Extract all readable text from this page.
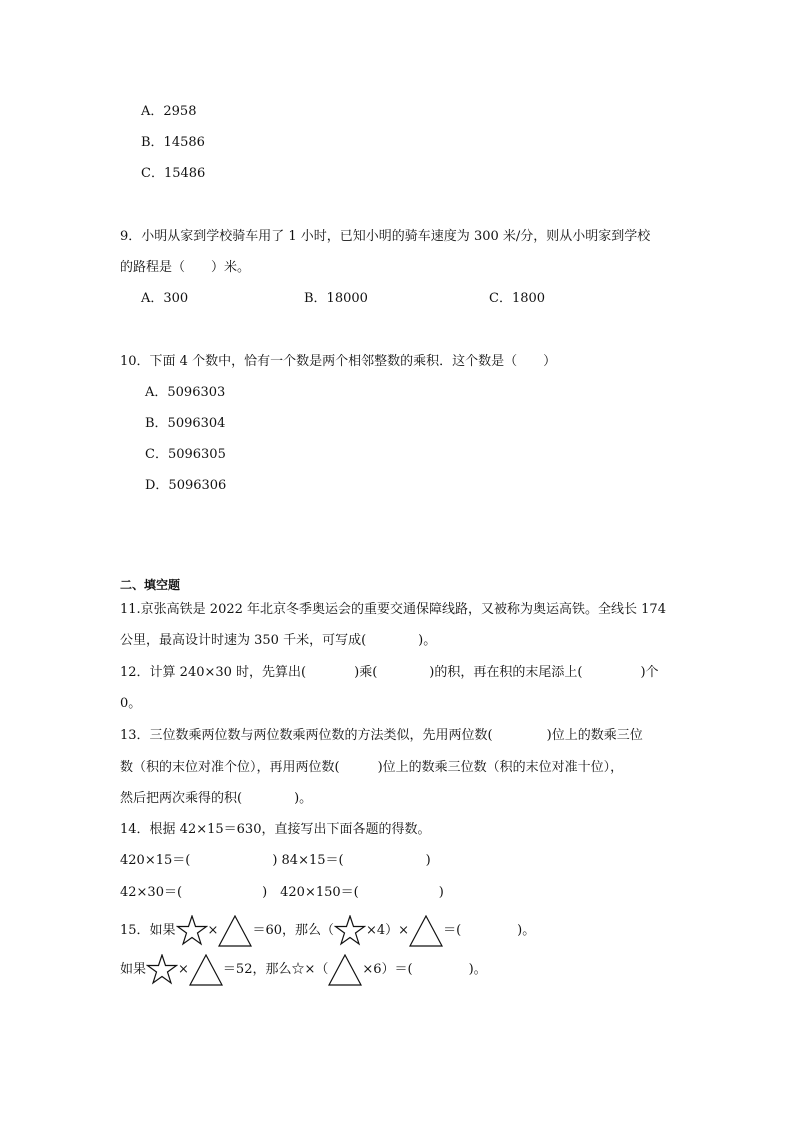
A．2958
B．14586
C．15486
9．小明从家到学校骑车用了 1 小时，已知小明的骑车速度为 300 米/分，则从小明家到学校
的路程是（　　）米。
A．300	B．18000	C．1800
10．下面 4 个数中，恰有一个数是两个相邻整数的乘积．这个数是（　　）
A．5096303
B．5096304
C．5096305
D．5096306
二、填空题
11.京张高铁是 2022 年北京冬季奥运会的重要交通保障线路，又被称为奥运高铁。全线长 174
公里，最高设计时速为 350 千米，可写成(	)。
12．计算 240×30 时，先算出(	)乘(	)的积，再在积的末尾添上(	)个
0。
13．三位数乘两位数与两位数乘两位数的方法类似，先用两位数(	)位上的数乘三位
数（积的末位对准个位），再用两位数(	)位上的数乘三位数（积的末位对准十位），
然后把两次乘得的积(	)。
14．根据 42×15＝630，直接写出下面各题的得数。
420×15＝(	) 84×15＝(	)
42×30＝(	)　420×150＝(	)
15．如果 ×	＝60，那么（ ×4）×	＝(	)。
如果 ×	＝52，那么☆×（	×6）＝(	)。
